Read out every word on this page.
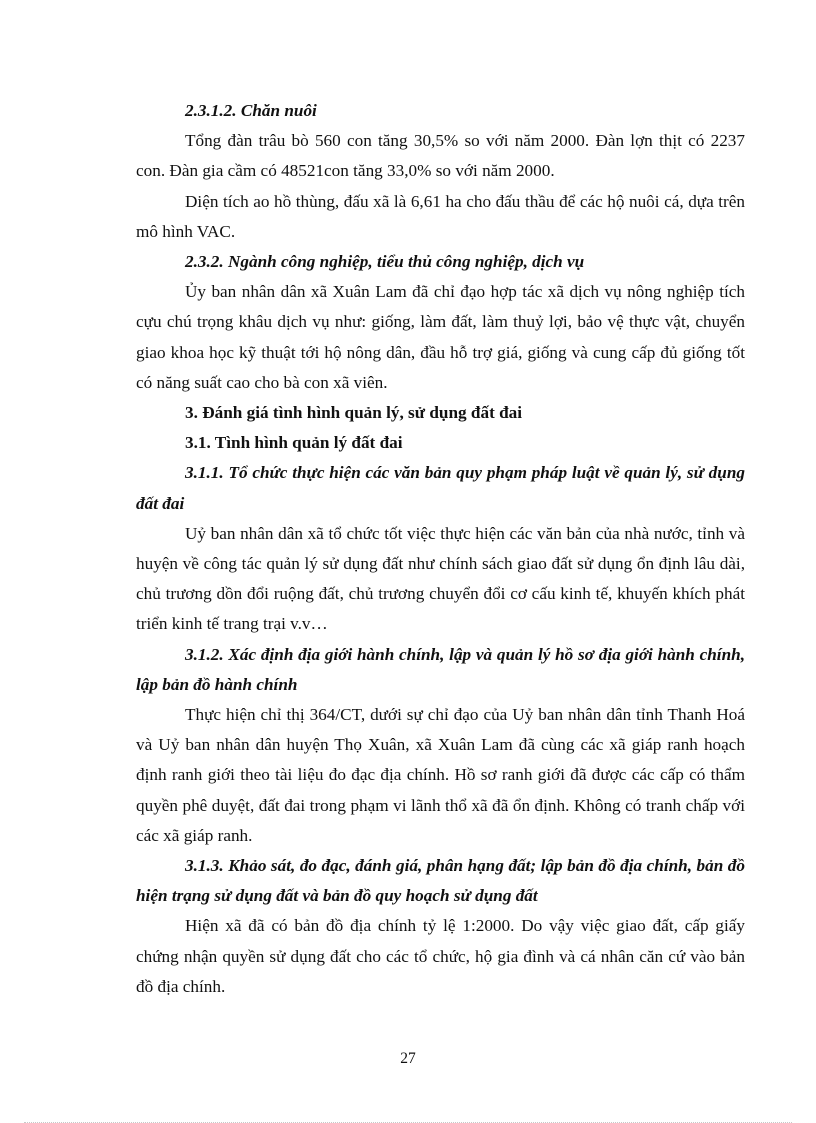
2.3.1.2. Chăn nuôi

Tổng đàn trâu bò 560 con tăng 30,5% so với năm 2000. Đàn lợn thịt có 2237 con. Đàn gia cầm có 48521con tăng 33,0% so với năm 2000.

Diện tích ao hồ thùng, đấu xã là 6,61 ha cho đấu thầu để các hộ nuôi cá, dựa trên mô hình VAC.

2.3.2. Ngành công nghiệp, tiểu thủ công nghiệp, dịch vụ

Ủy ban nhân dân xã Xuân Lam đã chỉ đạo hợp tác xã dịch vụ nông nghiệp tích cựu chú trọng khâu dịch vụ như: giống, làm đất, làm thuỷ lợi, bảo vệ thực vật, chuyển giao khoa học kỹ thuật tới hộ nông dân, đầu hỗ trợ giá, giống và cung cấp đủ giống tốt có năng suất cao cho bà con xã viên.

3. Đánh giá tình hình quản lý, sử dụng đất đai

3.1. Tình hình quản lý đất đai

3.1.1. Tổ chức thực hiện các văn bản quy phạm pháp luật về quản lý, sử dụng đất đai

Uỷ ban nhân dân xã tổ chức tốt việc thực hiện các văn bản của nhà nước, tỉnh và huyện về công tác quản lý sử dụng đất như chính sách giao đất sử dụng ổn định lâu dài, chủ trương dồn đổi ruộng đất, chủ trương chuyển đổi cơ cấu kinh tế, khuyến khích phát triển kinh tế trang trại v.v…

3.1.2. Xác định địa giới hành chính, lập và quản lý hồ sơ địa giới hành chính, lập bản đồ hành chính

Thực hiện chỉ thị 364/CT, dưới sự chỉ đạo của Uỷ ban nhân dân tỉnh Thanh Hoá và Uỷ ban nhân dân huyện Thọ Xuân, xã Xuân Lam đã cùng các xã giáp ranh hoạch định ranh giới theo tài liệu đo đạc địa chính. Hồ sơ ranh giới đã được các cấp có thẩm quyền phê duyệt, đất đai trong phạm vi lãnh thổ xã đã ổn định. Không có tranh chấp với các xã giáp ranh.

3.1.3. Khảo sát, đo đạc, đánh giá, phân hạng đất; lập bản đồ địa chính, bản đồ hiện trạng sử dụng đất và bản đồ quy hoạch sử dụng đất

Hiện xã đã có bản đồ địa chính tỷ lệ 1:2000. Do vậy việc giao đất, cấp giấy chứng nhận quyền sử dụng đất cho các tổ chức, hộ gia đình và cá nhân căn cứ vào bản đồ địa chính.

27
